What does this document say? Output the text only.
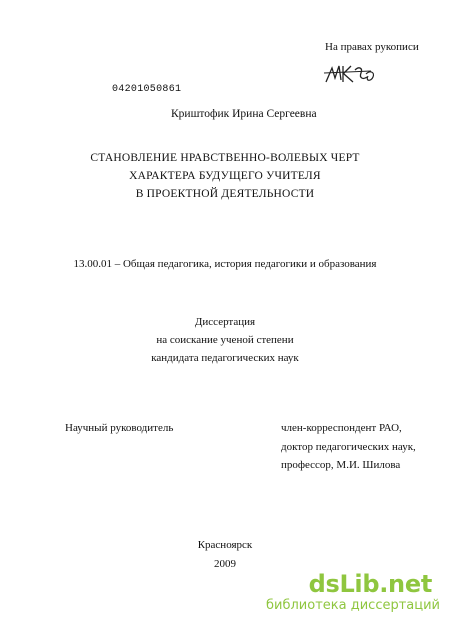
На правах рукописи
04201050861
Криштофик Ирина Сергеевна
СТАНОВЛЕНИЕ НРАВСТВЕННО-ВОЛЕВЫХ ЧЕРТ
ХАРАКТЕРА БУДУЩЕГО УЧИТЕЛЯ
В ПРОЕКТНОЙ ДЕЯТЕЛЬНОСТИ
13.00.01 – Общая педагогика, история педагогики и образования
Диссертация
на соискание ученой степени
кандидата педагогических наук
Научный руководитель	член-корреспондент РАО,
доктор педагогических наук,
профессор, М.И. Шилова
Красноярск
2009
dsLib.net
библиотека диссертаций
